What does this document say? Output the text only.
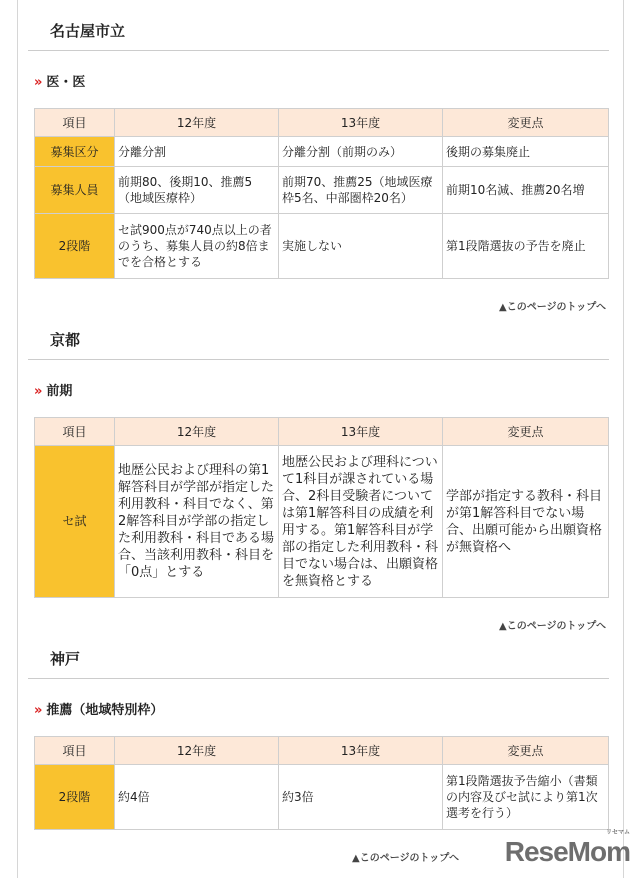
名古屋市立
» 医・医
項目	12年度	13年度	変更点
募集区分	分離分割	分離分割（前期のみ）	後期の募集廃止
募集人員	前期80、後期10、推薦5（地域医療枠）	前期70、推薦25（地域医療枠5名、中部圏枠20名）	前期10名減、推薦20名増
2段階	セ試900点が740点以上の者のうち、募集人員の約8倍までを合格とする	実施しない	第1段階選抜の予告を廃止
▲このページのトップへ
京都
» 前期
項目	12年度	13年度	変更点
セ試	地歴公民および理科の第1解答科目が学部が指定した利用教科・科目でなく、第2解答科目が学部の指定した利用教科・科目である場合、当該利用教科・科目を「0点」とする	地歴公民および理科について1科目が課されている場合、2科目受験者については第1解答科目の成績を利用する。第1解答科目が学部の指定した利用教科・科目でない場合は、出願資格を無資格とする	学部が指定する教科・科目が第1解答科目でない場合、出願可能から出願資格が無資格へ
▲このページのトップへ
神戸
» 推薦（地域特別枠）
項目	12年度	13年度	変更点
2段階	約4倍	約3倍	第1段階選抜予告縮小（書類の内容及びセ試により第1次選考を行う）
▲このページのトップへ
リセマム
ReseMom
